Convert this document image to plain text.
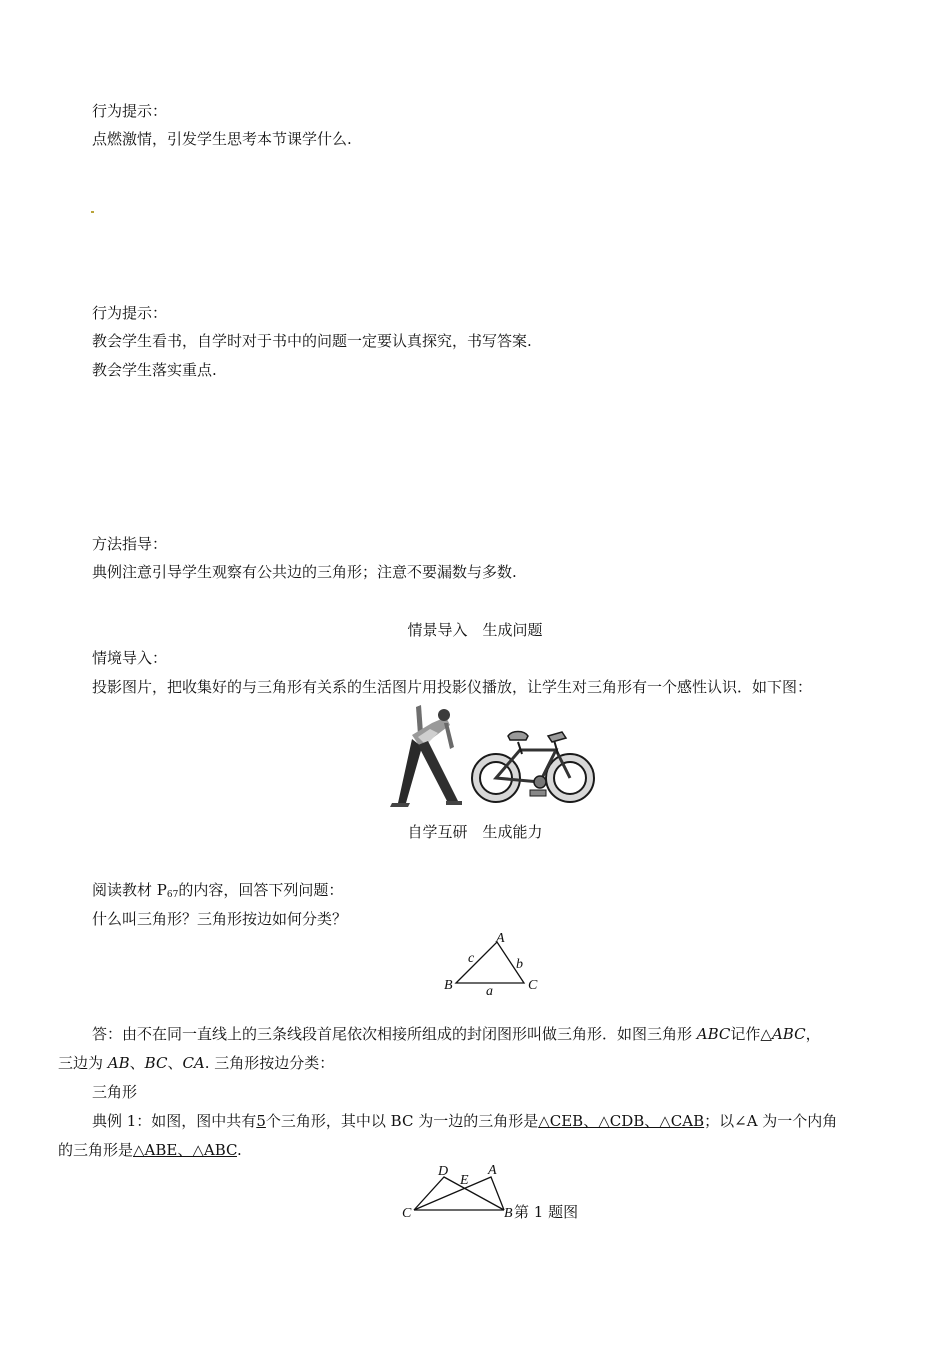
行为提示：
点燃激情，引发学生思考本节课学什么.
行为提示：
教会学生看书，自学时对于书中的问题一定要认真探究，书写答案.
教会学生落实重点.
方法指导：
典例注意引导学生观察有公共边的三角形；注意不要漏数与多数.
情景导入　生成问题
情境导入：
投影图片，把收集好的与三角形有关系的生活图片用投影仪播放，让学生对三角形有一个感性认识．如下图：
自学互研　生成能力
阅读教材 $P_{67}$的内容，回答下列问题：
什么叫三角形？三角形按边如何分类？
A
B	C
a
b
c
答：由不在同一直线上的三条线段首尾依次相接所组成的封闭图形叫做三角形．如图三角形 ABC记作△ABC，
三边为 AB、BC、CA. 三角形按边分类：
三角形
典例 1：如图，图中共有5个三角形，其中以 BC 为一边的三角形是△CEB、△CDB、△CAB；以∠A 为一个内角
的三角形是△ABE、△ABC.
D
E
A
C	B 第 1 题图
